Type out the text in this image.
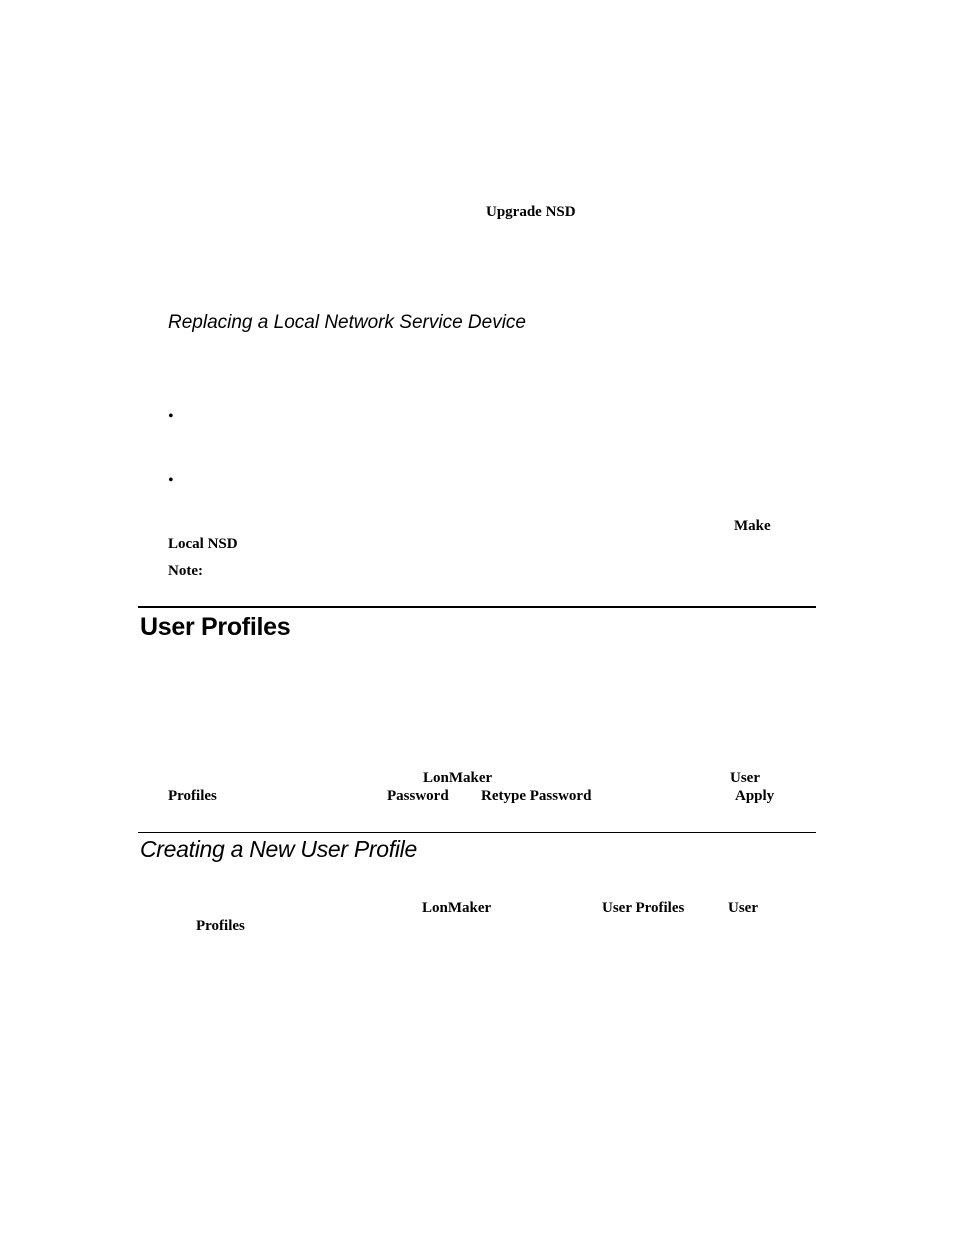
Upgrade NSD
Replacing a Local Network Service Device
•
•
Make
Local NSD
Note:
User Profiles
LonMaker	User
Profiles	Password Retype Password	Apply
Creating a New User Profile
LonMaker	User Profiles	User
Profiles
